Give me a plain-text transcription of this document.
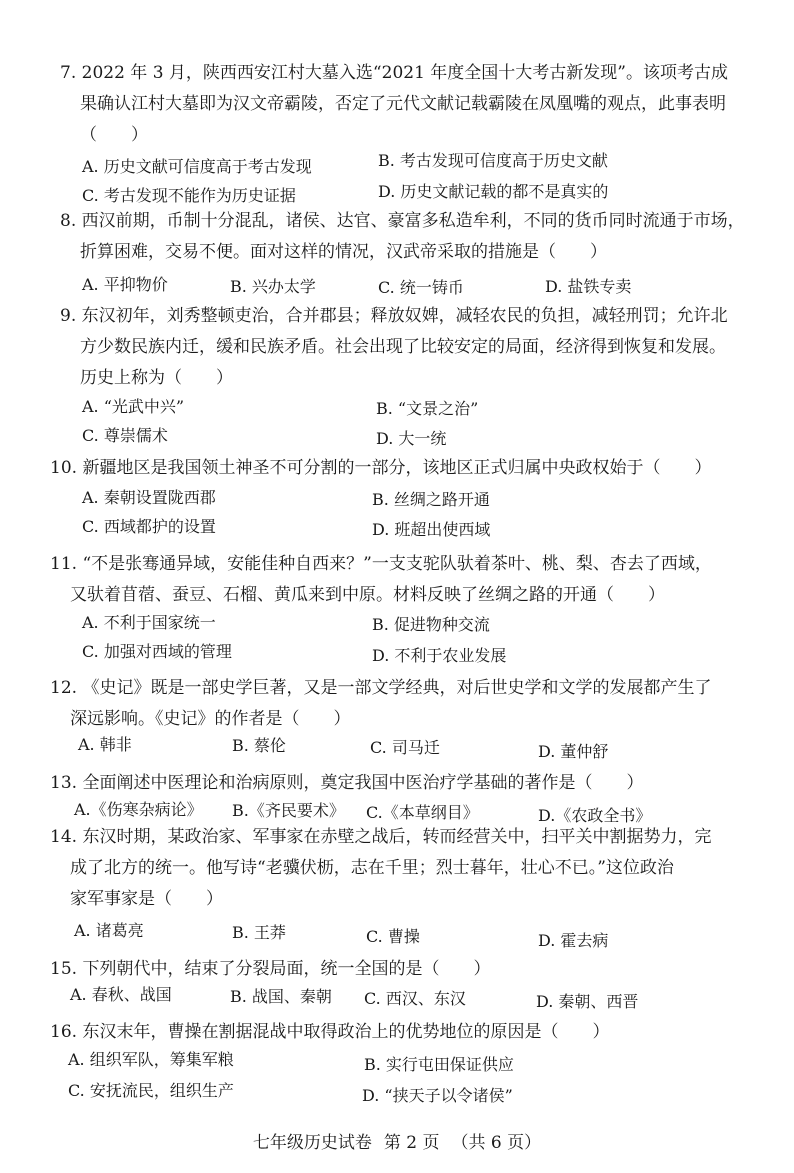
7. 2022 年 3 月，陕西西安江村大墓入选“2021 年度全国十大考古新发现”。该项考古成
果确认江村大墓即为汉文帝霸陵，否定了元代文献记载霸陵在凤凰嘴的观点，此事表明
（　　）
A. 历史文献可信度高于考古发现	B. 考古发现可信度高于历史文献
C. 考古发现不能作为历史证据	D. 历史文献记载的都不是真实的
8. 西汉前期，币制十分混乱，诸侯、达官、豪富多私造牟利，不同的货币同时流通于市场，
折算困难，交易不便。面对这样的情况，汉武帝采取的措施是（　　）
A. 平抑物价	B. 兴办太学	C. 统一铸币	D. 盐铁专卖
9. 东汉初年，刘秀整顿吏治，合并郡县；释放奴婢，减轻农民的负担，减轻刑罚；允许北
方少数民族内迁，缓和民族矛盾。社会出现了比较安定的局面，经济得到恢复和发展。
历史上称为（　　）
A. “光武中兴”	B. “文景之治”
C. 尊崇儒术	D. 大一统
10. 新疆地区是我国领土神圣不可分割的一部分，该地区正式归属中央政权始于（　　）
A. 秦朝设置陇西郡	B. 丝绸之路开通
C. 西域都护的设置	D. 班超出使西域
11. “不是张骞通异域，安能佳种自西来？”一支支驼队驮着茶叶、桃、梨、杏去了西域，
又驮着苜蓿、蚕豆、石榴、黄瓜来到中原。材料反映了丝绸之路的开通（　　）
A. 不利于国家统一	B. 促进物种交流
C. 加强对西域的管理	D. 不利于农业发展
12. 《史记》既是一部史学巨著，又是一部文学经典，对后世史学和文学的发展都产生了
深远影响。《史记》的作者是（　　）
A. 韩非	B. 蔡伦	C. 司马迁	D. 董仲舒
13. 全面阐述中医理论和治病原则，奠定我国中医治疗学基础的著作是（　　）
A.《伤寒杂病论》 B.《齐民要术》 C.《本草纲目》	D.《农政全书》
14. 东汉时期，某政治家、军事家在赤壁之战后，转而经营关中，扫平关中割据势力，完
成了北方的统一。他写诗“老骥伏枥，志在千里；烈士暮年，壮心不已。”这位政治
家军事家是（　　）
A. 诸葛亮	B. 王莽	C. 曹操	D. 霍去病
15. 下列朝代中，结束了分裂局面，统一全国的是（　　）
A. 春秋、战国	B. 战国、秦朝 C. 西汉、东汉	D. 秦朝、西晋
16. 东汉末年，曹操在割据混战中取得政治上的优势地位的原因是（　　）
A. 组织军队，筹集军粮	B. 实行屯田保证供应
C. 安抚流民，组织生产	D. “挟天子以令诸侯”
七年级历史试卷 第 2 页 （共 6 页）
